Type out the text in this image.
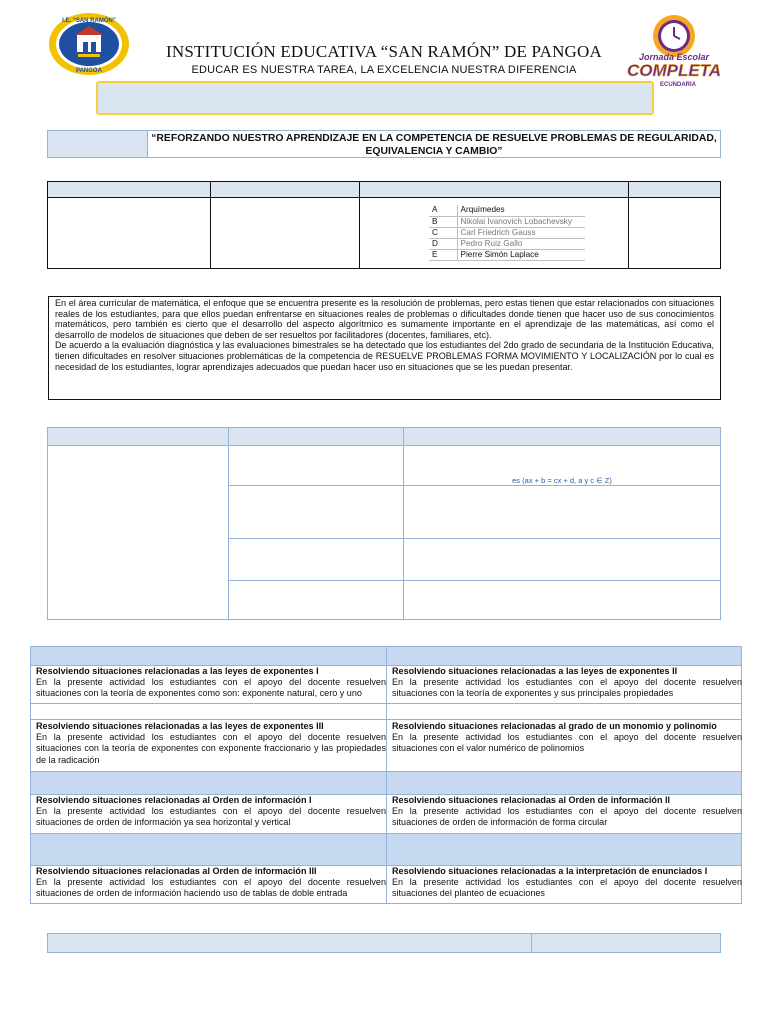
I.E. “SAN RAMÓN”
PANGOA
INSTITUCIÓN EDUCATIVA “SAN RAMÓN” DE PANGOA
EDUCAR ES NUESTRA TAREA, LA EXCELENCIA NUESTRA DIFERENCIA
Jornada Escolar
COMPLETA
ECUNDARIA
“REFORZANDO NUESTRO APRENDIZAJE EN LA COMPETENCIA DE RESUELVE PROBLEMAS DE REGULARIDAD, EQUIVALENCIA Y CAMBIO”
A	Arquímedes
B	Nikolai Ivanovich Lobachevsky
C	Carl Friedrich Gauss
D	Pedro Ruiz Gallo
E	Pierre Simón Laplace

En el área curricular de matemática, el enfoque que se encuentra presente es la resolución de problemas, pero estas tienen que estar relacionados con situaciones reales de los estudiantes, para que ellos puedan enfrentarse en situaciones reales de problemas o dificultades donde tienen que hacer uso de sus conocimientos matemáticos, pero también es cierto que el desarrollo del aspecto algorítmico es sumamente importante en el aprendizaje de las matemáticas, así como el desarrollo de modelos de situaciones que deben de ser resueltos por facilitadores (docentes, familiares, etc).

De acuerdo a la evaluación diagnóstica y las evaluaciones bimestrales se ha detectado que los estudiantes del 2do grado de secundaria de la Institución Educativa, tienen dificultades en resolver situaciones problemáticas de la competencia de RESUELVE PROBLEMAS FORMA MOVIMIENTO Y LOCALIZACIÓN por lo cual es necesidad de los estudiantes, lograr aprendizajes adecuados que puedan hacer uso en situaciones que se les puedan presentar.

es (ax + b = cx + d, a y c ∈ Z)
Resolviendo situaciones relacionadas a las leyes de exponentes I
En la presente actividad los estudiantes con el apoyo del docente resuelven situaciones con la teoría de exponentes como son: exponente natural, cero y uno
Resolviendo situaciones relacionadas a las leyes de exponentes II
En la presente actividad los estudiantes con el apoyo del docente resuelven situaciones con la teoría de exponentes y sus principales propiedades
Resolviendo situaciones relacionadas a las leyes de exponentes III
En la presente actividad los estudiantes con el apoyo del docente resuelven situaciones con la teoría de exponentes con exponente fraccionario y las propiedades de la radicación
Resolviendo situaciones relacionadas al grado de un monomio y polinomio
En la presente actividad los estudiantes con el apoyo del docente resuelven situaciones con el valor numérico de polinomios
Resolviendo situaciones relacionadas al Orden de información I
En la presente actividad los estudiantes con el apoyo del docente resuelven situaciones de orden de información ya sea horizontal y vertical
Resolviendo situaciones relacionadas al Orden de información II
En la presente actividad los estudiantes con el apoyo del docente resuelven situaciones de orden de información de forma circular
Resolviendo situaciones relacionadas al Orden de información III
En la presente actividad los estudiantes con el apoyo del docente resuelven situaciones de orden de información haciendo uso de tablas de doble entrada
Resolviendo situaciones relacionadas a la interpretación de enunciados I
En la presente actividad los estudiantes con el apoyo del docente resuelven situaciones del planteo de ecuaciones
